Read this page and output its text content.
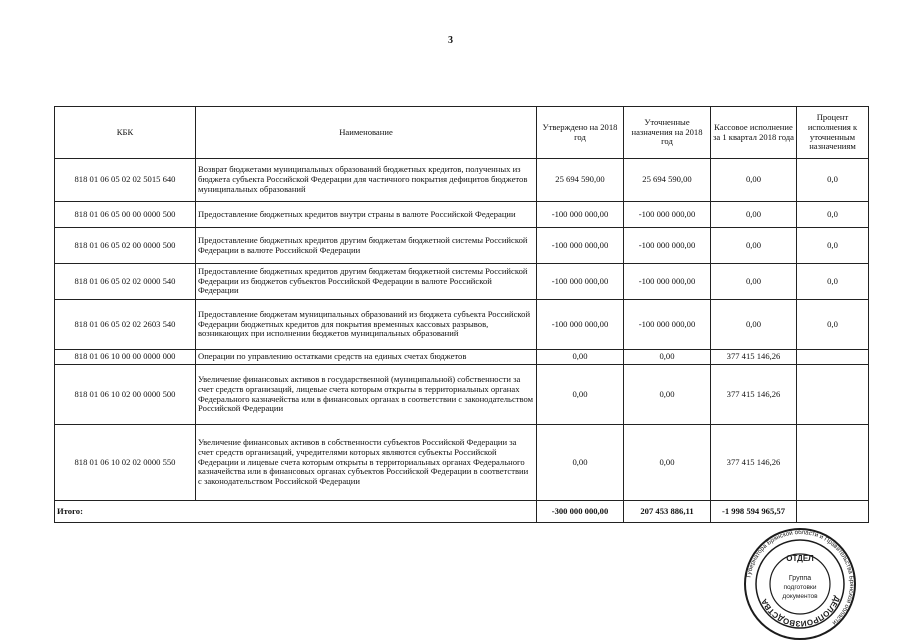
3
КБК	Наименование	Утверждено на 2018 год	Уточненные назначения на 2018 год	Кассовое исполнение за 1 квартал 2018 года	Процент исполнения к уточненным назначениям
818 01 06 05 02 02 5015 640	Возврат бюджетами муниципальных образований бюджетных кредитов, полученных из бюджета субъекта Российской Федерации для частичного покрытия дефицитов бюджетов муниципальных образований	25 694 590,00	25 694 590,00	0,00	0,0
818 01 06 05 00 00 0000 500	Предоставление бюджетных кредитов внутри страны в валюте Российской Федерации	-100 000 000,00	-100 000 000,00	0,00	0,0
818 01 06 05 02 00 0000 500	Предоставление бюджетных кредитов другим бюджетам бюджетной системы Российской Федерации в валюте Российской Федерации	-100 000 000,00	-100 000 000,00	0,00	0,0
818 01 06 05 02 02 0000 540	Предоставление бюджетных кредитов другим бюджетам бюджетной системы Российской Федерации из бюджетов субъектов Российской Федерации в валюте Российской Федерации	-100 000 000,00	-100 000 000,00	0,00	0,0
818 01 06 05 02 02 2603 540	Предоставление бюджетам муниципальных образований из бюджета субъекта Российской Федерации бюджетных кредитов для покрытия временных кассовых разрывов, возникающих при исполнении бюджетов муниципальных образований	-100 000 000,00	-100 000 000,00	0,00	0,0
818 01 06 10 00 00 0000 000	Операции по управлению остатками средств на единых счетах бюджетов	0,00	0,00	377 415 146,26	
818 01 06 10 02 00 0000 500	Увеличение финансовых активов в государственной (муниципальной) собственности за счет средств организаций, лицевые счета которым открыты в территориальных органах Федерального казначейства или в финансовых органах в соответствии с законодательством Российской Федерации	0,00	0,00	377 415 146,26	
818 01 06 10 02 02 0000 550	Увеличение финансовых активов в собственности субъектов Российской Федерации за счет средств организаций, учредителями которых являются субъекты Российской Федерации и лицевые счета которым открыты в территориальных органах Федерального казначейства или в финансовых органах субъектов Российской Федерации в соответствии с законодательством Российской Федерации	0,00	0,00	377 415 146,26	
Итого:		-300 000 000,00	207 453 886,11	-1 998 594 965,57	
Губернатора Брянской области и Правительства Брянской области
ДЕЛОПРОИЗВОДСТВА
ОТДЕЛ
Группа
подготовки
документов
